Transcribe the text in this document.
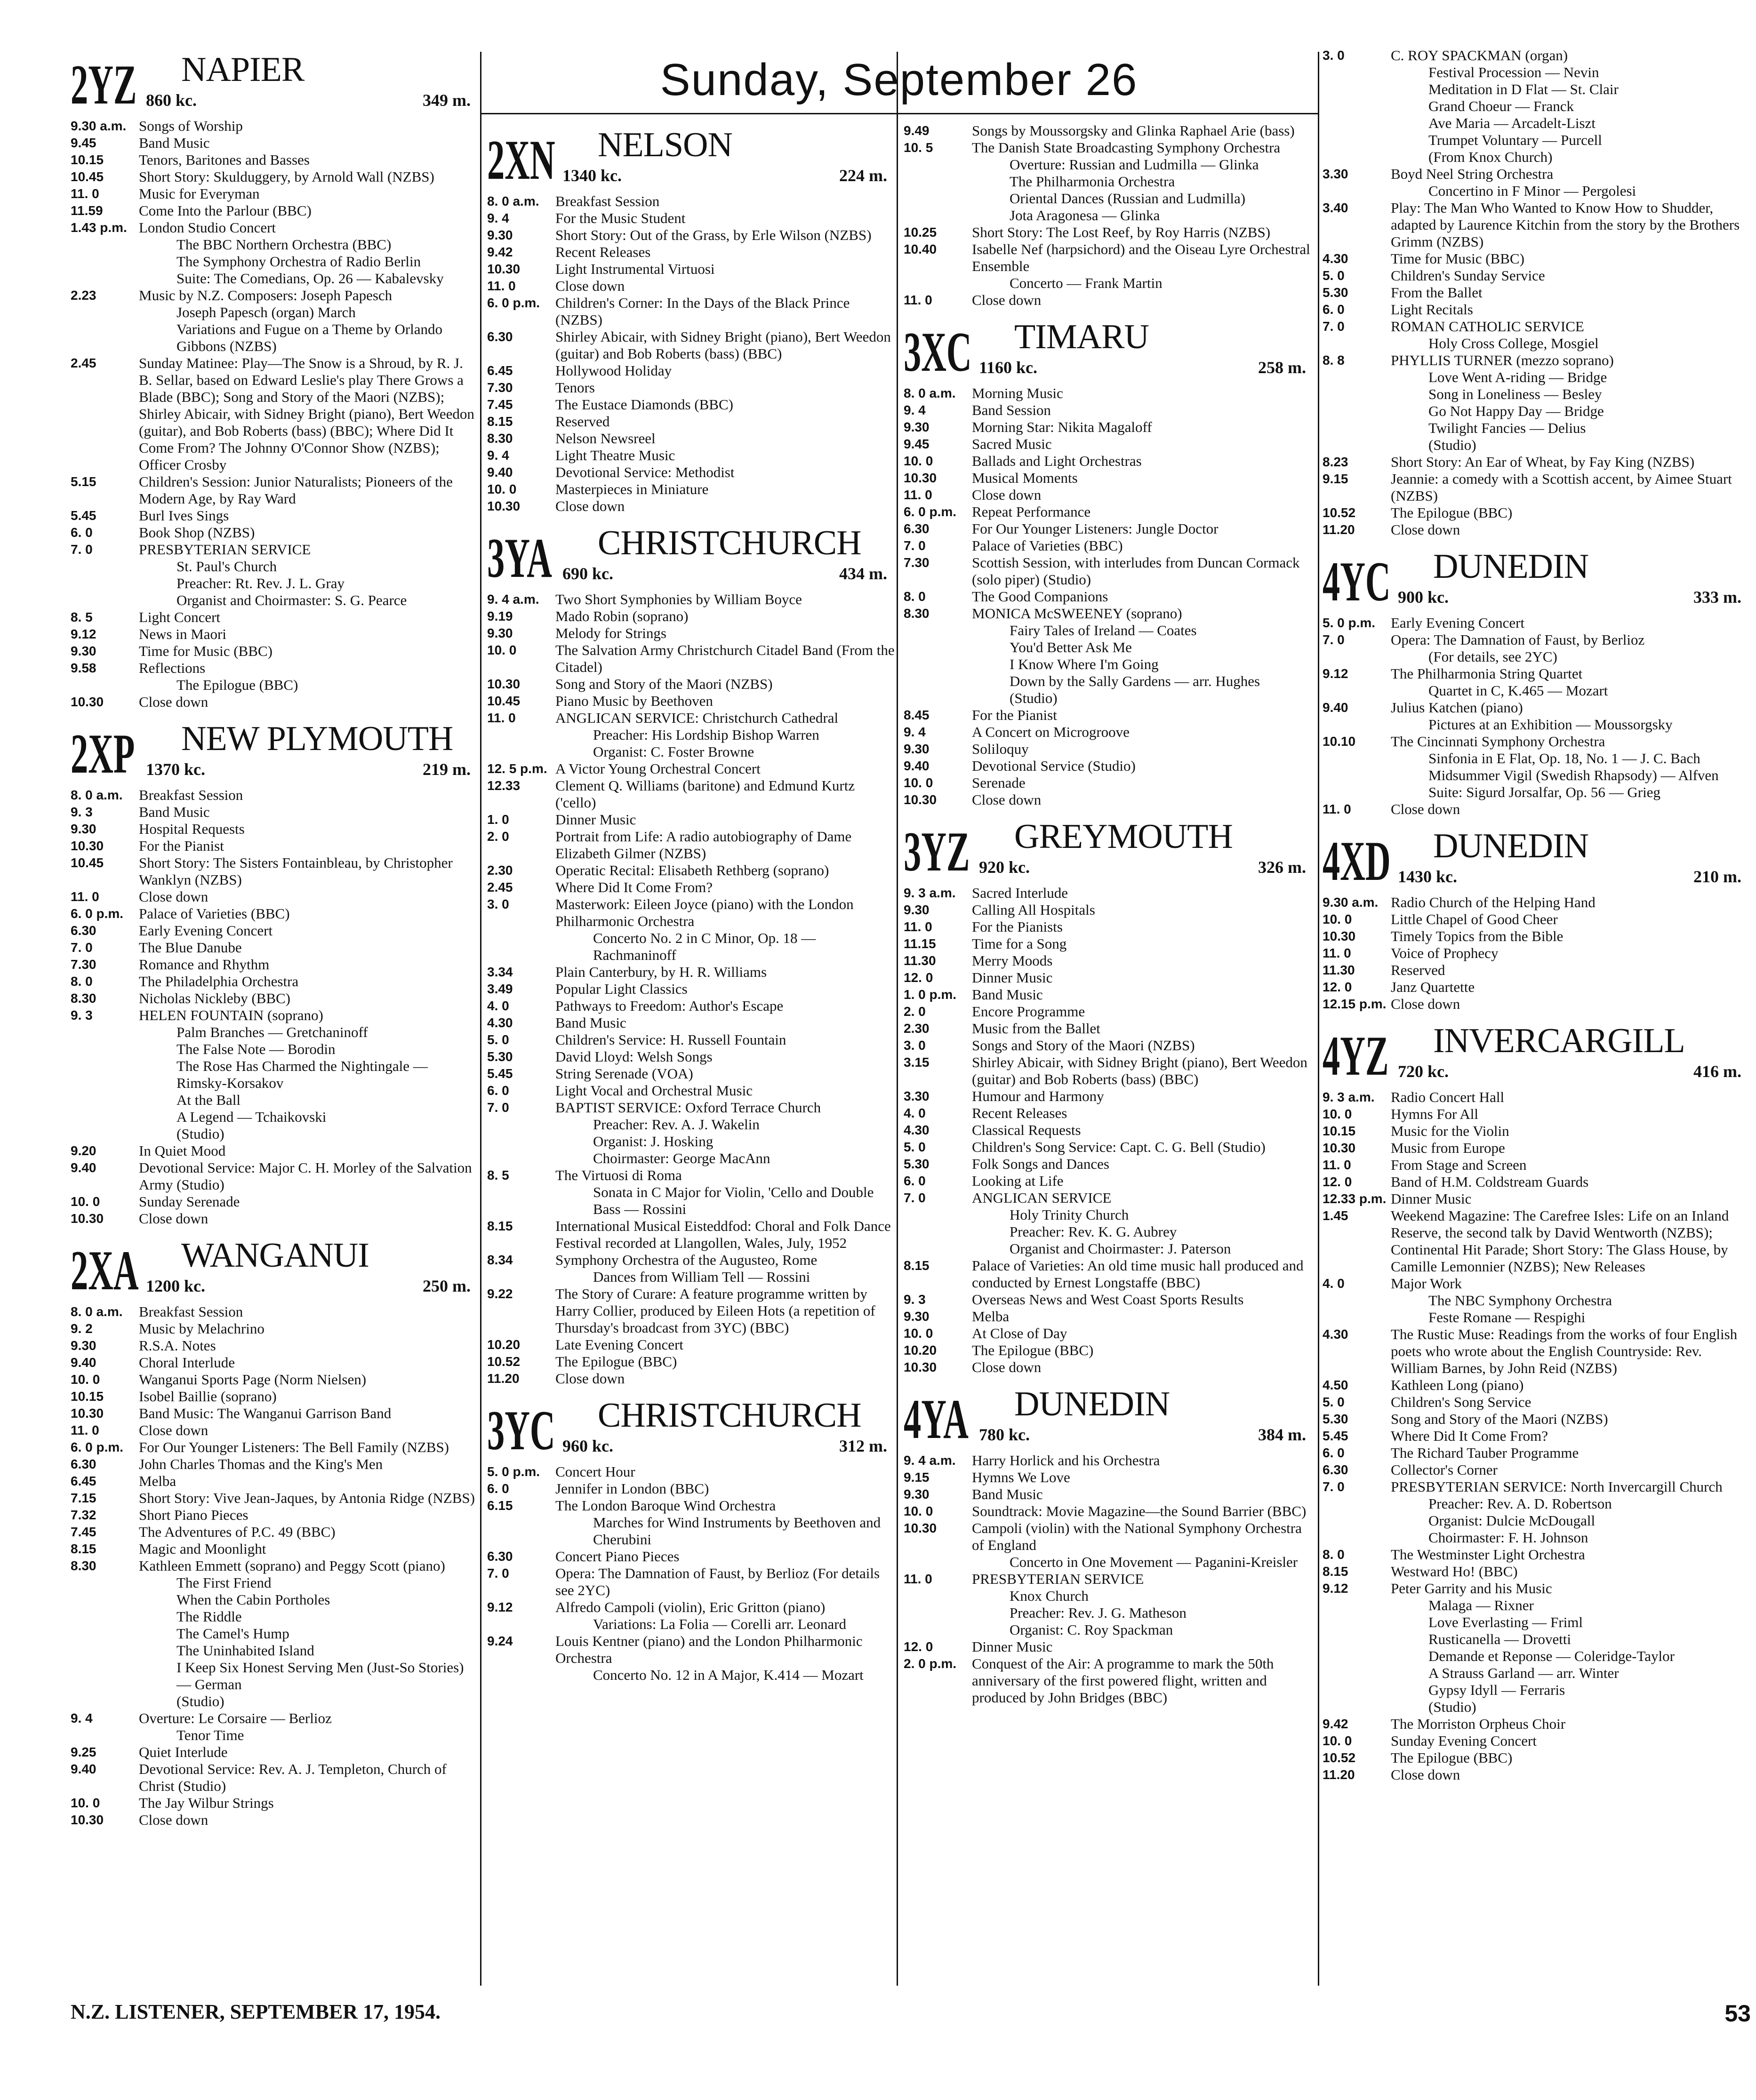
Sunday, September 26
2YZ NAPIER
860 kc.	349 m.
9.30 a.m. Songs of Worship
9.45	Band Music
10.15	Tenors, Baritones and Basses
10.45	Short Story: Skulduggery, by Arnold Wall (NZBS)
11. 0	Music for Everyman
11.59	Come Into the Parlour (BBC)
1.43 p.m. London Studio Concert
The BBC Northern Orchestra (BBC)
The Symphony Orchestra of Radio Berlin
Suite: The Comedians, Op. 26 — Kabalevsky
2.23	Music by N.Z. Composers: Joseph Papesch
Joseph Papesch (organ) March
Variations and Fugue on a Theme by Orlando Gibbons (NZBS)
2.45	Sunday Matinee: Play—The Snow is a Shroud, by R. J. B. Sellar, based on Edward Leslie's play There Grows a Blade (BBC); Song and Story of the Maori (NZBS); Shirley Abicair, with Sidney Bright (piano), Bert Weedon (guitar), and Bob Roberts (bass) (BBC); Where Did It Come From? The Johnny O'Connor Show (NZBS); Officer Crosby
5.15	Children's Session: Junior Naturalists; Pioneers of the Modern Age, by Ray Ward
5.45	Burl Ives Sings
6. 0	Book Shop (NZBS)
7. 0	PRESBYTERIAN SERVICE
St. Paul's Church
Preacher: Rt. Rev. J. L. Gray
Organist and Choirmaster: S. G. Pearce
8. 5	Light Concert
9.12	News in Maori
9.30	Time for Music (BBC)
9.58	Reflections
The Epilogue (BBC)
10.30	Close down
2XP NEW PLYMOUTH
1370 kc.	219 m.
8. 0 a.m.	Breakfast Session
9. 3	Band Music
9.30	Hospital Requests
10.30	For the Pianist
10.45	Short Story: The Sisters Fontainbleau, by Christopher Wanklyn (NZBS)
11. 0	Close down
6. 0 p.m.	Palace of Varieties (BBC)
6.30	Early Evening Concert
7. 0	The Blue Danube
7.30	Romance and Rhythm
8. 0	The Philadelphia Orchestra
8.30	Nicholas Nickleby (BBC)
9. 3	HELEN FOUNTAIN (soprano)
Palm Branches — Gretchaninoff
The False Note — Borodin
The Rose Has Charmed the Nightingale — Rimsky-Korsakov
At the Ball
A Legend — Tchaikovski
(Studio)
9.20	In Quiet Mood
9.40	Devotional Service: Major C. H. Morley of the Salvation Army (Studio)
10. 0	Sunday Serenade
10.30	Close down
2XA WANGANUI
1200 kc.	250 m.
8. 0 a.m.	Breakfast Session
9. 2	Music by Melachrino
9.30	R.S.A. Notes
9.40	Choral Interlude
10. 0	Wanganui Sports Page (Norm Nielsen)
10.15	Isobel Baillie (soprano)
10.30	Band Music: The Wanganui Garrison Band
11. 0	Close down
6. 0 p.m.	For Our Younger Listeners: The Bell Family (NZBS)
6.30	John Charles Thomas and the King's Men
6.45	Melba
7.15	Short Story: Vive Jean-Jaques, by Antonia Ridge (NZBS)
7.32	Short Piano Pieces
7.45	The Adventures of P.C. 49 (BBC)
8.15	Magic and Moonlight
8.30	Kathleen Emmett (soprano) and Peggy Scott (piano)
The First Friend
When the Cabin Portholes
The Riddle
The Camel's Hump
The Uninhabited Island
I Keep Six Honest Serving Men (Just-So Stories) — German
(Studio)
9. 4	Overture: Le Corsaire — Berlioz
Tenor Time
9.25	Quiet Interlude
9.40	Devotional Service: Rev. A. J. Templeton, Church of Christ (Studio)
10. 0	The Jay Wilbur Strings
10.30	Close down
2XN NELSON
1340 kc.	224 m.
8. 0 a.m.	Breakfast Session
9. 4	For the Music Student
9.30	Short Story: Out of the Grass, by Erle Wilson (NZBS)
9.42	Recent Releases
10.30	Light Instrumental Virtuosi
11. 0	Close down
6. 0 p.m.	Children's Corner: In the Days of the Black Prince (NZBS)
6.30	Shirley Abicair, with Sidney Bright (piano), Bert Weedon (guitar) and Bob Roberts (bass) (BBC)
6.45	Hollywood Holiday
7.30	Tenors
7.45	The Eustace Diamonds (BBC)
8.15	Reserved
8.30	Nelson Newsreel
9. 4	Light Theatre Music
9.40	Devotional Service: Methodist
10. 0	Masterpieces in Miniature
10.30	Close down
3YA CHRISTCHURCH
690 kc.	434 m.
9. 4 a.m.	Two Short Symphonies by William Boyce
9.19	Mado Robin (soprano)
9.30	Melody for Strings
10. 0	The Salvation Army Christchurch Citadel Band (From the Citadel)
10.30	Song and Story of the Maori (NZBS)
10.45	Piano Music by Beethoven
11. 0	ANGLICAN SERVICE: Christchurch Cathedral
Preacher: His Lordship Bishop Warren
Organist: C. Foster Browne
12. 5 p.m. A Victor Young Orchestral Concert
12.33	Clement Q. Williams (baritone) and Edmund Kurtz ('cello)
1. 0	Dinner Music
2. 0	Portrait from Life: A radio autobiography of Dame Elizabeth Gilmer (NZBS)
2.30	Operatic Recital: Elisabeth Rethberg (soprano)
2.45	Where Did It Come From?
3. 0	Masterwork: Eileen Joyce (piano) with the London Philharmonic Orchestra
Concerto No. 2 in C Minor, Op. 18 — Rachmaninoff
3.34	Plain Canterbury, by H. R. Williams
3.49	Popular Light Classics
4. 0	Pathways to Freedom: Author's Escape
4.30	Band Music
5. 0	Children's Service: H. Russell Fountain
5.30	David Lloyd: Welsh Songs
5.45	String Serenade (VOA)
6. 0	Light Vocal and Orchestral Music
7. 0	BAPTIST SERVICE: Oxford Terrace Church
Preacher: Rev. A. J. Wakelin
Organist: J. Hosking
Choirmaster: George MacAnn
8. 5	The Virtuosi di Roma
Sonata in C Major for Violin, 'Cello and Double Bass — Rossini
8.15	International Musical Eisteddfod: Choral and Folk Dance Festival recorded at Llangollen, Wales, July, 1952
8.34	Symphony Orchestra of the Augusteo, Rome
Dances from William Tell — Rossini
9.22	The Story of Curare: A feature programme written by Harry Collier, produced by Eileen Hots (a repetition of Thursday's broadcast from 3YC) (BBC)
10.20	Late Evening Concert
10.52	The Epilogue (BBC)
11.20	Close down
3YC CHRISTCHURCH
960 kc.	312 m.
5. 0 p.m.	Concert Hour
6. 0	Jennifer in London (BBC)
6.15	The London Baroque Wind Orchestra
Marches for Wind Instruments by Beethoven and Cherubini
6.30	Concert Piano Pieces
7. 0	Opera: The Damnation of Faust, by Berlioz (For details see 2YC)
9.12	Alfredo Campoli (violin), Eric Gritton (piano)
Variations: La Folia — Corelli arr. Leonard
9.24	Louis Kentner (piano) and the London Philharmonic Orchestra
Concerto No. 12 in A Major, K.414 — Mozart
9.49	Songs by Moussorgsky and Glinka Raphael Arie (bass)
10. 5	The Danish State Broadcasting Symphony Orchestra
Overture: Russian and Ludmilla — Glinka
The Philharmonia Orchestra
Oriental Dances (Russian and Ludmilla)
Jota Aragonesa — Glinka
10.25	Short Story: The Lost Reef, by Roy Harris (NZBS)
10.40	Isabelle Nef (harpsichord) and the Oiseau Lyre Orchestral Ensemble
Concerto — Frank Martin
11. 0	Close down
3XC TIMARU
1160 kc.	258 m.
8. 0 a.m.	Morning Music
9. 4	Band Session
9.30	Morning Star: Nikita Magaloff
9.45	Sacred Music
10. 0	Ballads and Light Orchestras
10.30	Musical Moments
11. 0	Close down
6. 0 p.m.	Repeat Performance
6.30	For Our Younger Listeners: Jungle Doctor
7. 0	Palace of Varieties (BBC)
7.30	Scottish Session, with interludes from Duncan Cormack (solo piper) (Studio)
8. 0	The Good Companions
8.30	MONICA McSWEENEY (soprano)
Fairy Tales of Ireland — Coates
You'd Better Ask Me
I Know Where I'm Going
Down by the Sally Gardens — arr. Hughes
(Studio)
8.45	For the Pianist
9. 4	A Concert on Microgroove
9.30	Soliloquy
9.40	Devotional Service (Studio)
10. 0	Serenade
10.30	Close down
3YZ GREYMOUTH
920 kc.	326 m.
9. 3 a.m.	Sacred Interlude
9.30	Calling All Hospitals
11. 0	For the Pianists
11.15	Time for a Song
11.30	Merry Moods
12. 0	Dinner Music
1. 0 p.m.	Band Music
2. 0	Encore Programme
2.30	Music from the Ballet
3. 0	Songs and Story of the Maori (NZBS)
3.15	Shirley Abicair, with Sidney Bright (piano), Bert Weedon (guitar) and Bob Roberts (bass) (BBC)
3.30	Humour and Harmony
4. 0	Recent Releases
4.30	Classical Requests
5. 0	Children's Song Service: Capt. C. G. Bell (Studio)
5.30	Folk Songs and Dances
6. 0	Looking at Life
7. 0	ANGLICAN SERVICE
Holy Trinity Church
Preacher: Rev. K. G. Aubrey
Organist and Choirmaster: J. Paterson
8.15	Palace of Varieties: An old time music hall produced and conducted by Ernest Longstaffe (BBC)
9. 3	Overseas News and West Coast Sports Results
9.30	Melba
10. 0	At Close of Day
10.20	The Epilogue (BBC)
10.30	Close down
4YA DUNEDIN
780 kc.	384 m.
9. 4 a.m.	Harry Horlick and his Orchestra
9.15	Hymns We Love
9.30	Band Music
10. 0	Soundtrack: Movie Magazine—the Sound Barrier (BBC)
10.30	Campoli (violin) with the National Symphony Orchestra of England
Concerto in One Movement — Paganini-Kreisler
11. 0	PRESBYTERIAN SERVICE
Knox Church
Preacher: Rev. J. G. Matheson
Organist: C. Roy Spackman
12. 0	Dinner Music
2. 0 p.m.	Conquest of the Air: A programme to mark the 50th anniversary of the first powered flight, written and produced by John Bridges (BBC)
3. 0	C. ROY SPACKMAN (organ)
Festival Procession — Nevin
Meditation in D Flat — St. Clair
Grand Choeur — Franck
Ave Maria — Arcadelt-Liszt
Trumpet Voluntary — Purcell
(From Knox Church)
3.30	Boyd Neel String Orchestra
Concertino in F Minor — Pergolesi
3.40	Play: The Man Who Wanted to Know How to Shudder, adapted by Laurence Kitchin from the story by the Brothers Grimm (NZBS)
4.30	Time for Music (BBC)
5. 0	Children's Sunday Service
5.30	From the Ballet
6. 0	Light Recitals
7. 0	ROMAN CATHOLIC SERVICE
Holy Cross College, Mosgiel
8. 8	PHYLLIS TURNER (mezzo soprano)
Love Went A-riding — Bridge
Song in Loneliness — Besley
Go Not Happy Day — Bridge
Twilight Fancies — Delius
(Studio)
8.23	Short Story: An Ear of Wheat, by Fay King (NZBS)
9.15	Jeannie: a comedy with a Scottish accent, by Aimee Stuart (NZBS)
10.52	The Epilogue (BBC)
11.20	Close down
4YC DUNEDIN
900 kc.	333 m.
5. 0 p.m.	Early Evening Concert
7. 0	Opera: The Damnation of Faust, by Berlioz
(For details, see 2YC)
9.12	The Philharmonia String Quartet
Quartet in C, K.465 — Mozart
9.40	Julius Katchen (piano)
Pictures at an Exhibition — Moussorgsky
10.10	The Cincinnati Symphony Orchestra
Sinfonia in E Flat, Op. 18, No. 1 — J. C. Bach
Midsummer Vigil (Swedish Rhapsody) — Alfven
Suite: Sigurd Jorsalfar, Op. 56 — Grieg
11. 0	Close down
4XD DUNEDIN
1430 kc.	210 m.
9.30 a.m. Radio Church of the Helping Hand
10. 0	Little Chapel of Good Cheer
10.30	Timely Topics from the Bible
11. 0	Voice of Prophecy
11.30	Reserved
12. 0	Janz Quartette
12.15 p.m. Close down
4YZ INVERCARGILL
720 kc.	416 m.
9. 3 a.m.	Radio Concert Hall
10. 0	Hymns For All
10.15	Music for the Violin
10.30	Music from Europe
11. 0	From Stage and Screen
12. 0	Band of H.M. Coldstream Guards
12.33 p.m. Dinner Music
1.45	Weekend Magazine: The Carefree Isles: Life on an Inland Reserve, the second talk by David Wentworth (NZBS); Continental Hit Parade; Short Story: The Glass House, by Camille Lemonnier (NZBS); New Releases
4. 0	Major Work
The NBC Symphony Orchestra
Feste Romane — Respighi
4.30	The Rustic Muse: Readings from the works of four English poets who wrote about the English Countryside: Rev. William Barnes, by John Reid (NZBS)
4.50	Kathleen Long (piano)
5. 0	Children's Song Service
5.30	Song and Story of the Maori (NZBS)
5.45	Where Did It Come From?
6. 0	The Richard Tauber Programme
6.30	Collector's Corner
7. 0	PRESBYTERIAN SERVICE: North Invercargill Church
Preacher: Rev. A. D. Robertson
Organist: Dulcie McDougall
Choirmaster: F. H. Johnson
8. 0	The Westminster Light Orchestra
8.15	Westward Ho! (BBC)
9.12	Peter Garrity and his Music
Malaga — Rixner
Love Everlasting — Friml
Rusticanella — Drovetti
Demande et Reponse — Coleridge-Taylor
A Strauss Garland — arr. Winter
Gypsy Idyll — Ferraris
(Studio)
9.42	The Morriston Orpheus Choir
10. 0	Sunday Evening Concert
10.52	The Epilogue (BBC)
11.20	Close down
N.Z. LISTENER, SEPTEMBER 17, 1954.	53
